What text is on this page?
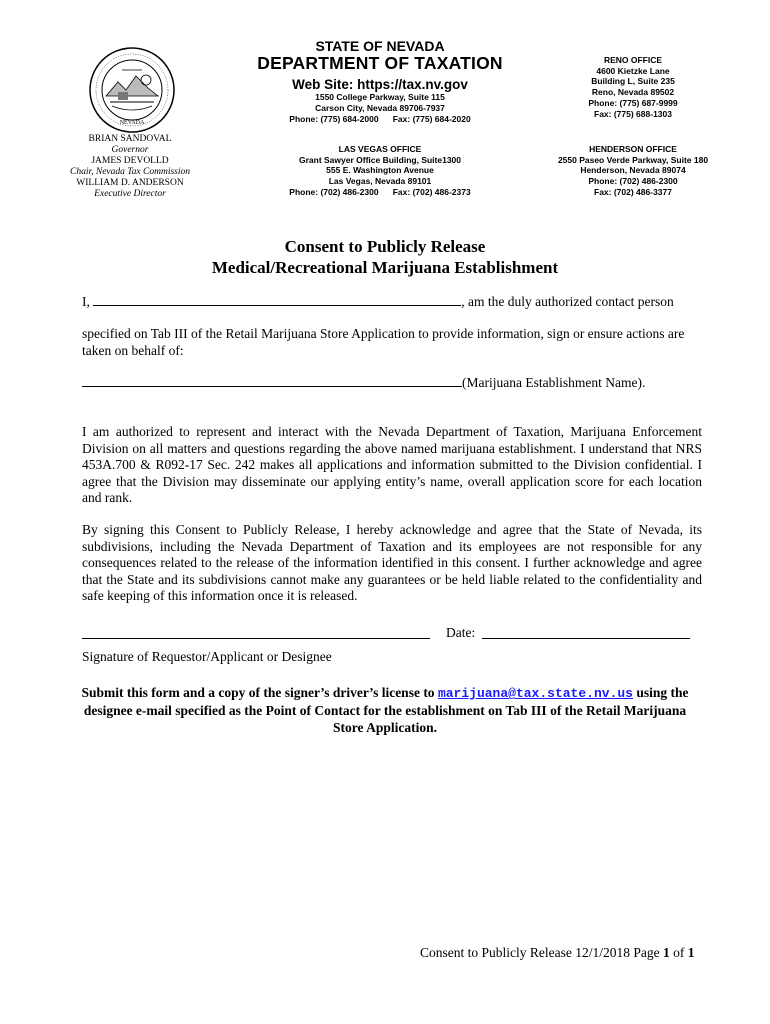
NEVADA
STATE OF NEVADA
DEPARTMENT OF TAXATION
Web Site: https://tax.nv.gov
1550 College Parkway, Suite 115
Carson City, Nevada 89706-7937
Phone: (775) 684-2000      Fax: (775) 684-2020
RENO OFFICE
4600 Kietzke Lane
Building L, Suite 235
Reno, Nevada 89502
Phone: (775) 687-9999
Fax: (775) 688-1303
BRIAN SANDOVAL
Governor
JAMES DEVOLLD
Chair, Nevada Tax Commission
WILLIAM D. ANDERSON
Executive Director
LAS VEGAS OFFICE
Grant Sawyer Office Building, Suite1300
555 E. Washington Avenue
Las Vegas, Nevada 89101
Phone: (702) 486-2300      Fax: (702) 486-2373
HENDERSON OFFICE
2550 Paseo Verde Parkway, Suite 180
Henderson, Nevada 89074
Phone: (702) 486-2300
Fax: (702) 486-3377
Consent to Publicly Release
Medical/Recreational Marijuana Establishment
I,	, am the duly authorized contact person
specified on Tab III of the Retail Marijuana Store Application to provide information, sign or ensure actions are taken on behalf of:
(Marijuana Establishment Name).
I am authorized to represent and interact with the Nevada Department of Taxation, Marijuana Enforcement Division on all matters and questions regarding the above named marijuana establishment. I understand that NRS 453A.700 & R092-17 Sec. 242 makes all applications and information submitted to the Division confidential. I agree that the Division may disseminate our applying entity’s name, overall application score for each location and rank.
By signing this Consent to Publicly Release, I hereby acknowledge and agree that the State of Nevada, its subdivisions, including the Nevada Department of Taxation and its employees are not responsible for any consequences related to the release of the information identified in this consent. I further acknowledge and agree that the State and its subdivisions cannot make any guarantees or be held liable related to the confidentiality and safe keeping of this information once it is released.
Date:
Signature of Requestor/Applicant or Designee
Submit this form and a copy of the signer’s driver’s license to marijuana@tax.state.nv.us using the designee e-mail specified as the Point of Contact for the establishment on Tab III of the Retail Marijuana Store Application.
Consent to Publicly Release 12/1/2018 Page 1 of 1
